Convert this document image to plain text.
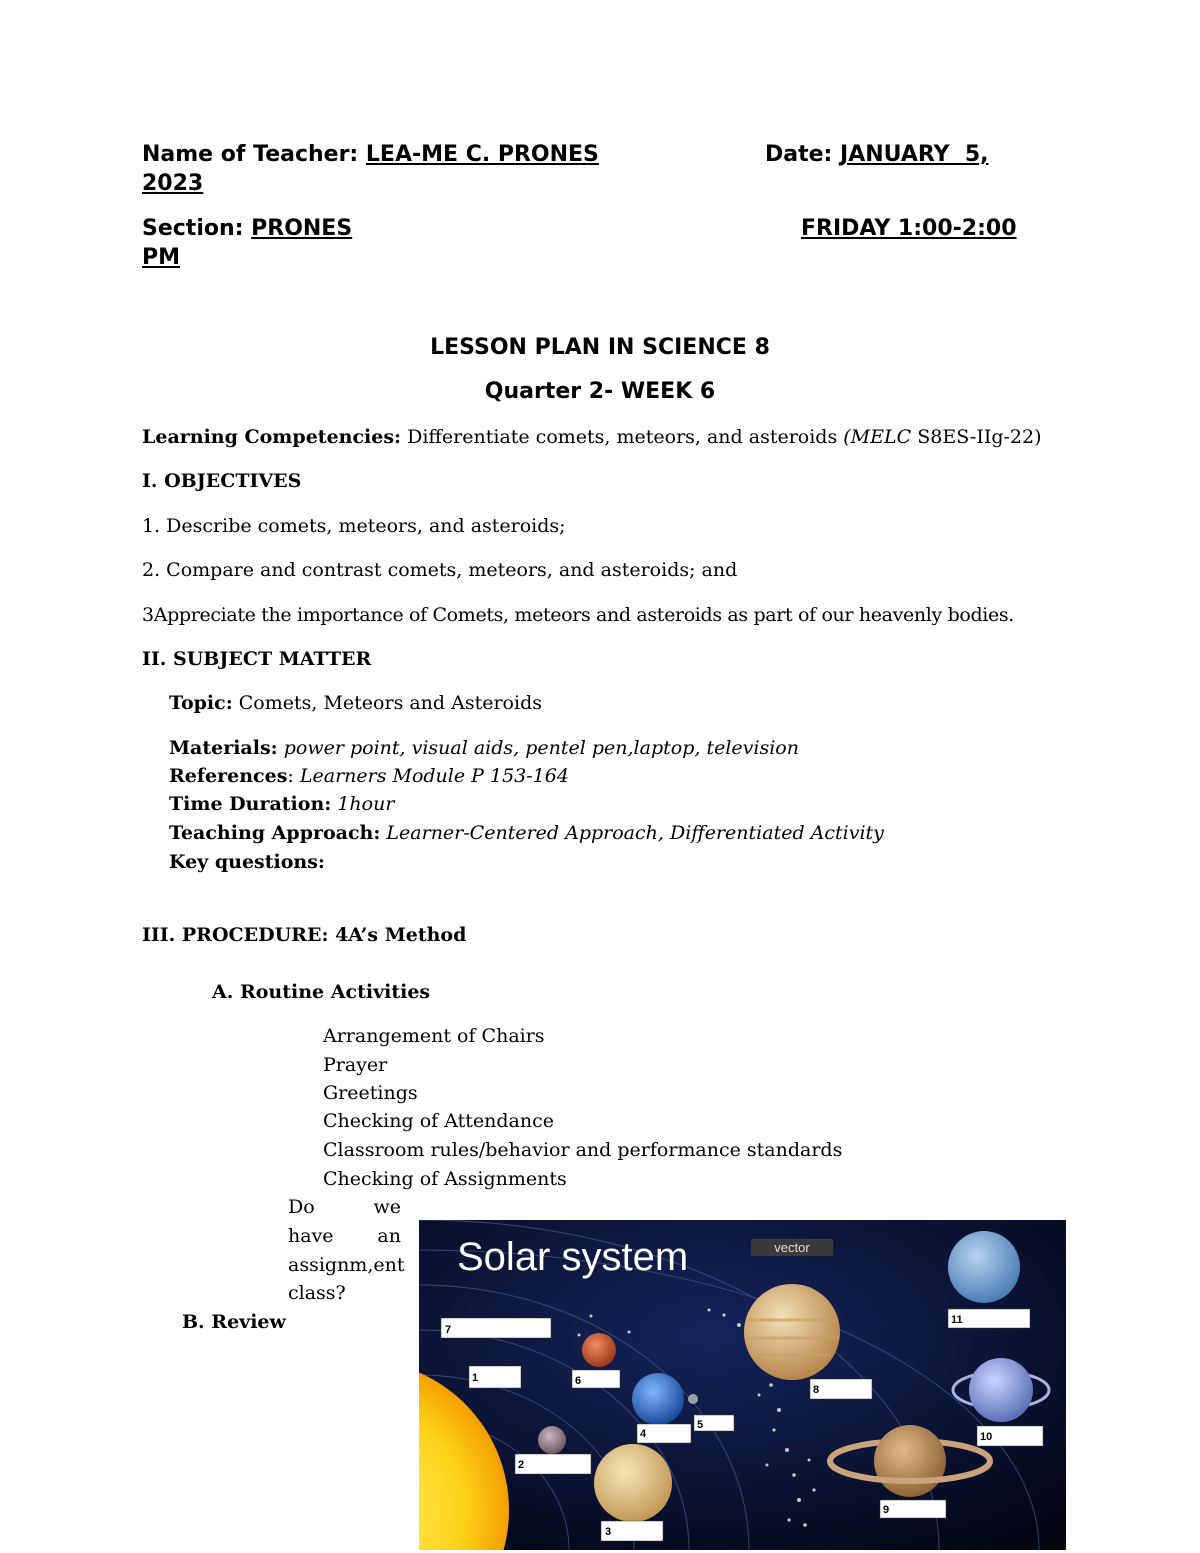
Name of Teacher: LEA-ME C. PRONES	Date: JANUARY  5,
2023
Section: PRONES	FRIDAY 1:00-2:00
PM
LESSON PLAN IN SCIENCE 8
Quarter 2- WEEK 6
Learning Competencies: Differentiate comets, meteors, and asteroids (MELC S8ES-IIg-22)
I. OBJECTIVES
1. Describe comets, meteors, and asteroids;
2. Compare and contrast comets, meteors, and asteroids; and
3Appreciate the importance of Comets, meteors and asteroids as part of our heavenly bodies.
II. SUBJECT MATTER
Topic: Comets, Meteors and Asteroids
Materials: power point, visual aids, pentel pen,laptop, television
References: Learners Module P 153-164
Time Duration: 1hour
Teaching Approach: Learner-Centered Approach, Differentiated Activity
Key questions:
III. PROCEDURE: 4A’s Method
A. Routine Activities
Arrangement of Chairs
Prayer
Greetings
Checking of Attendance
Classroom rules/behavior and performance standards
Checking of Assignments
Do	we
have an
assignm,ent
class?
B. Review
Solar system	vector
1
2
3
4
5
6
7
8
9
10
11
